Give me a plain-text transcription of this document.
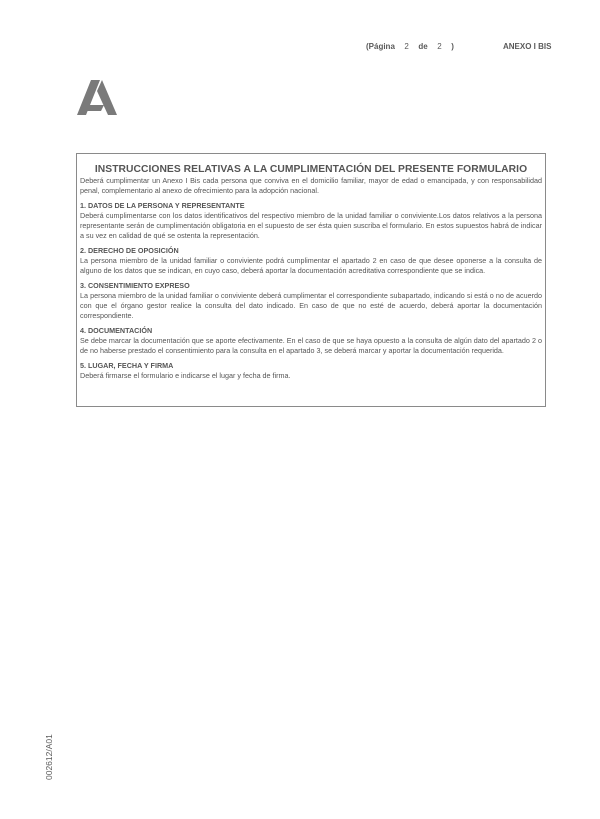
(Página 2 de 2 )	ANEXO I BIS
INSTRUCCIONES RELATIVAS A LA CUMPLIMENTACIÓN DEL PRESENTE FORMULARIO

Deberá cumplimentar un Anexo I Bis cada persona que conviva en el domicilio familiar, mayor de edad o emancipada, y con responsabilidad penal, complementario al anexo de ofrecimiento para la adopción nacional.

1. DATOS DE LA PERSONA Y REPRESENTANTE

Deberá cumplimentarse con los datos identificativos del respectivo miembro de la unidad familiar o conviviente.Los datos relativos a la persona representante serán de cumplimentación obligatoria en el supuesto de ser ésta quien suscriba el formulario. En estos supuestos habrá de indicar a su vez en calidad de qué se ostenta la representación.

2. DERECHO DE OPOSICIÓN

La persona miembro de la unidad familiar o conviviente podrá cumplimentar el apartado 2 en caso de que desee oponerse a la consulta de alguno de los datos que se indican, en cuyo caso, deberá aportar la documentación acreditativa correspondiente que se indica.

3. CONSENTIMIENTO EXPRESO

La persona miembro de la unidad familiar o conviviente deberá cumplimentar el correspondiente subapartado, indicando si está o no de acuerdo con que el órgano gestor realice la consulta del dato indicado. En caso de que no esté de acuerdo, deberá aportar la documentación correspondiente.

4. DOCUMENTACIÓN

Se debe marcar la documentación que se aporte efectivamente. En el caso de que se haya opuesto a la consulta de algún dato del apartado 2 o de no haberse prestado el consentimiento para la consulta en el apartado 3, se deberá marcar y aportar la documentación requerida.

5. LUGAR, FECHA Y FIRMA

Deberá firmarse el formulario e indicarse el lugar y fecha de firma.

002612/A01
